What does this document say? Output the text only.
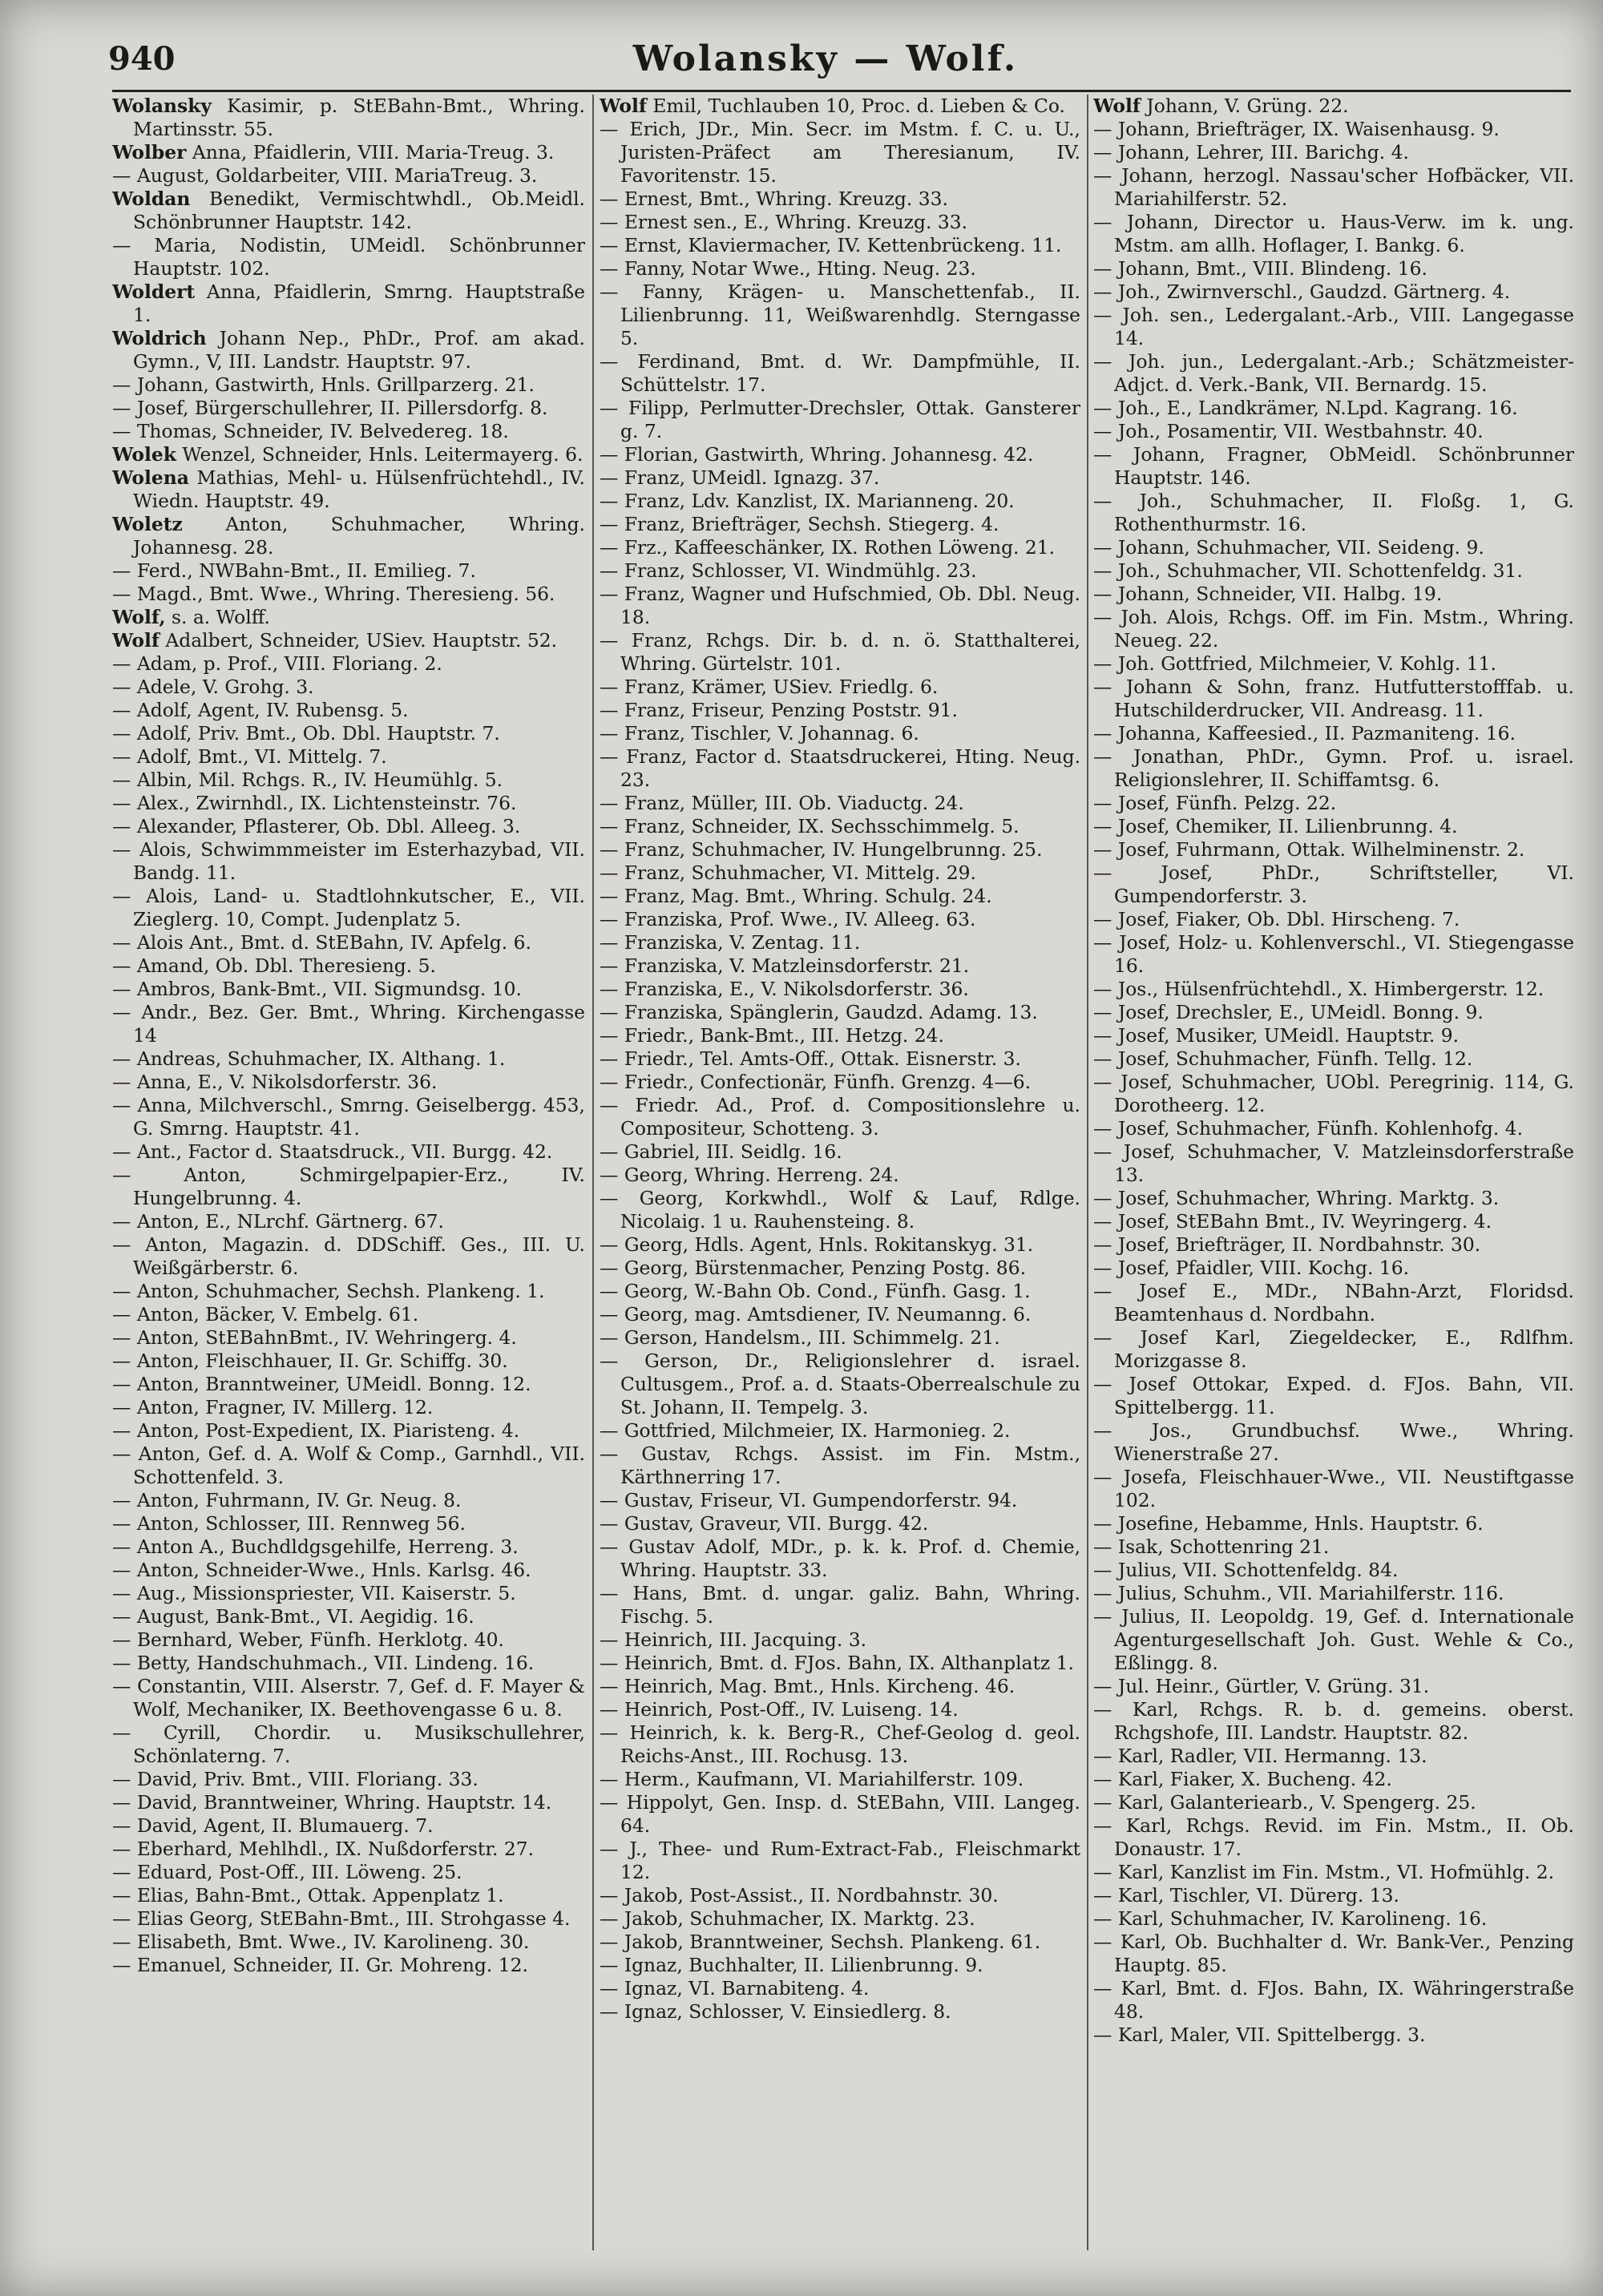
940	Wolansky — Wolf.
Wolansky Kasimir, p. StEBahn-Bmt., Whring. Martinsstr. 55.
Wolber Anna, Pfaidlerin, VIII. Maria-Treug. 3.
— August, Goldarbeiter, VIII. MariaTreug. 3.
Woldan Benedikt, Vermischtwhdl., Ob.Meidl. Schönbrunner Hauptstr. 142.
— Maria, Nodistin, UMeidl. Schönbrunner Hauptstr. 102.
Woldert Anna, Pfaidlerin, Smrng. Hauptstraße 1.
Woldrich Johann Nep., PhDr., Prof. am akad. Gymn., V, III. Landstr. Hauptstr. 97.
— Johann, Gastwirth, Hnls. Grillparzerg. 21.
— Josef, Bürgerschullehrer, II. Pillersdorfg. 8.
— Thomas, Schneider, IV. Belvedereg. 18.
Wolek Wenzel, Schneider, Hnls. Leitermayerg. 6.
Wolena Mathias, Mehl- u. Hülsenfrüchtehdl., IV. Wiedn. Hauptstr. 49.
Woletz Anton, Schuhmacher, Whring. Johannesg. 28.
— Ferd., NWBahn-Bmt., II. Emilieg. 7.
— Magd., Bmt. Wwe., Whring. Theresieng. 56.
Wolf, s. a. Wolff.
Wolf Adalbert, Schneider, USiev. Hauptstr. 52.
— Adam, p. Prof., VIII. Floriang. 2.
— Adele, V. Grohg. 3.
— Adolf, Agent, IV. Rubensg. 5.
— Adolf, Priv. Bmt., Ob. Dbl. Hauptstr. 7.
— Adolf, Bmt., VI. Mittelg. 7.
— Albin, Mil. Rchgs. R., IV. Heumühlg. 5.
— Alex., Zwirnhdl., IX. Lichtensteinstr. 76.
— Alexander, Pflasterer, Ob. Dbl. Alleeg. 3.
— Alois, Schwimmmeister im Esterhazybad, VII. Bandg. 11.
— Alois, Land- u. Stadtlohnkutscher, E., VII. Zieglerg. 10, Compt. Judenplatz 5.
— Alois Ant., Bmt. d. StEBahn, IV. Apfelg. 6.
— Amand, Ob. Dbl. Theresieng. 5.
— Ambros, Bank-Bmt., VII. Sigmundsg. 10.
— Andr., Bez. Ger. Bmt., Whring. Kirchengasse 14
— Andreas, Schuhmacher, IX. Althang. 1.
— Anna, E., V. Nikolsdorferstr. 36.
— Anna, Milchverschl., Smrng. Geiselbergg. 453, G. Smrng. Hauptstr. 41.
— Ant., Factor d. Staatsdruck., VII. Burgg. 42.
— Anton, Schmirgelpapier-Erz., IV. Hungelbrunng. 4.
— Anton, E., NLrchf. Gärtnerg. 67.
— Anton, Magazin. d. DDSchiff. Ges., III. U. Weißgärberstr. 6.
— Anton, Schuhmacher, Sechsh. Plankeng. 1.
— Anton, Bäcker, V. Embelg. 61.
— Anton, StEBahnBmt., IV. Wehringerg. 4.
— Anton, Fleischhauer, II. Gr. Schiffg. 30.
— Anton, Branntweiner, UMeidl. Bonng. 12.
— Anton, Fragner, IV. Millerg. 12.
— Anton, Post-Expedient, IX. Piaristeng. 4.
— Anton, Gef. d. A. Wolf & Comp., Garnhdl., VII. Schottenfeld. 3.
— Anton, Fuhrmann, IV. Gr. Neug. 8.
— Anton, Schlosser, III. Rennweg 56.
— Anton A., Buchdldgsgehilfe, Herreng. 3.
— Anton, Schneider-Wwe., Hnls. Karlsg. 46.
— Aug., Missionspriester, VII. Kaiserstr. 5.
— August, Bank-Bmt., VI. Aegidig. 16.
— Bernhard, Weber, Fünfh. Herklotg. 40.
— Betty, Handschuhmach., VII. Lindeng. 16.
— Constantin, VIII. Alserstr. 7, Gef. d. F. Mayer & Wolf, Mechaniker, IX. Beethovengasse 6 u. 8.
— Cyrill, Chordir. u. Musikschullehrer, Schönlaterng. 7.
— David, Priv. Bmt., VIII. Floriang. 33.
— David, Branntweiner, Whring. Hauptstr. 14.
— David, Agent, II. Blumauerg. 7.
— Eberhard, Mehlhdl., IX. Nußdorferstr. 27.
— Eduard, Post-Off., III. Löweng. 25.
— Elias, Bahn-Bmt., Ottak. Appenplatz 1.
— Elias Georg, StEBahn-Bmt., III. Strohgasse 4.
— Elisabeth, Bmt. Wwe., IV. Karolineng. 30.
— Emanuel, Schneider, II. Gr. Mohreng. 12.
Wolf Emil, Tuchlauben 10, Proc. d. Lieben & Co.
— Erich, JDr., Min. Secr. im Mstm. f. C. u. U., Juristen-Präfect am Theresianum, IV. Favoritenstr. 15.
— Ernest, Bmt., Whring. Kreuzg. 33.
— Ernest sen., E., Whring. Kreuzg. 33.
— Ernst, Klaviermacher, IV. Kettenbrückeng. 11.
— Fanny, Notar Wwe., Hting. Neug. 23.
— Fanny, Krägen- u. Manschettenfab., II. Lilienbrunng. 11, Weißwarenhdlg. Sterngasse 5.
— Ferdinand, Bmt. d. Wr. Dampfmühle, II. Schüttelstr. 17.
— Filipp, Perlmutter-Drechsler, Ottak. Gansterer g. 7.
— Florian, Gastwirth, Whring. Johannesg. 42.
— Franz, UMeidl. Ignazg. 37.
— Franz, Ldv. Kanzlist, IX. Marianneng. 20.
— Franz, Briefträger, Sechsh. Stiegerg. 4.
— Frz., Kaffeeschänker, IX. Rothen Löweng. 21.
— Franz, Schlosser, VI. Windmühlg. 23.
— Franz, Wagner und Hufschmied, Ob. Dbl. Neug. 18.
— Franz, Rchgs. Dir. b. d. n. ö. Statthalterei, Whring. Gürtelstr. 101.
— Franz, Krämer, USiev. Friedlg. 6.
— Franz, Friseur, Penzing Poststr. 91.
— Franz, Tischler, V. Johannag. 6.
— Franz, Factor d. Staatsdruckerei, Hting. Neug. 23.
— Franz, Müller, III. Ob. Viaductg. 24.
— Franz, Schneider, IX. Sechsschimmelg. 5.
— Franz, Schuhmacher, IV. Hungelbrunng. 25.
— Franz, Schuhmacher, VI. Mittelg. 29.
— Franz, Mag. Bmt., Whring. Schulg. 24.
— Franziska, Prof. Wwe., IV. Alleeg. 63.
— Franziska, V. Zentag. 11.
— Franziska, V. Matzleinsdorferstr. 21.
— Franziska, E., V. Nikolsdorferstr. 36.
— Franziska, Spänglerin, Gaudzd. Adamg. 13.
— Friedr., Bank-Bmt., III. Hetzg. 24.
— Friedr., Tel. Amts-Off., Ottak. Eisnerstr. 3.
— Friedr., Confectionär, Fünfh. Grenzg. 4—6.
— Friedr. Ad., Prof. d. Compositionslehre u. Compositeur, Schotteng. 3.
— Gabriel, III. Seidlg. 16.
— Georg, Whring. Herreng. 24.
— Georg, Korkwhdl., Wolf & Lauf, Rdlge. Nicolaig. 1 u. Rauhensteing. 8.
— Georg, Hdls. Agent, Hnls. Rokitanskyg. 31.
— Georg, Bürstenmacher, Penzing Postg. 86.
— Georg, W.-Bahn Ob. Cond., Fünfh. Gasg. 1.
— Georg, mag. Amtsdiener, IV. Neumanng. 6.
— Gerson, Handelsm., III. Schimmelg. 21.
— Gerson, Dr., Religionslehrer d. israel. Cultusgem., Prof. a. d. Staats-Oberrealschule zu St. Johann, II. Tempelg. 3.
— Gottfried, Milchmeier, IX. Harmonieg. 2.
— Gustav, Rchgs. Assist. im Fin. Mstm., Kärthnerring 17.
— Gustav, Friseur, VI. Gumpendorferstr. 94.
— Gustav, Graveur, VII. Burgg. 42.
— Gustav Adolf, MDr., p. k. k. Prof. d. Chemie, Whring. Hauptstr. 33.
— Hans, Bmt. d. ungar. galiz. Bahn, Whring. Fischg. 5.
— Heinrich, III. Jacquing. 3.
— Heinrich, Bmt. d. FJos. Bahn, IX. Althanplatz 1.
— Heinrich, Mag. Bmt., Hnls. Kircheng. 46.
— Heinrich, Post-Off., IV. Luiseng. 14.
— Heinrich, k. k. Berg-R., Chef-Geolog d. geol. Reichs-Anst., III. Rochusg. 13.
— Herm., Kaufmann, VI. Mariahilferstr. 109.
— Hippolyt, Gen. Insp. d. StEBahn, VIII. Langeg. 64.
— J., Thee- und Rum-Extract-Fab., Fleischmarkt 12.
— Jakob, Post-Assist., II. Nordbahnstr. 30.
— Jakob, Schuhmacher, IX. Marktg. 23.
— Jakob, Branntweiner, Sechsh. Plankeng. 61.
— Ignaz, Buchhalter, II. Lilienbrunng. 9.
— Ignaz, VI. Barnabiteng. 4.
— Ignaz, Schlosser, V. Einsiedlerg. 8.
Wolf Johann, V. Grüng. 22.
— Johann, Briefträger, IX. Waisenhausg. 9.
— Johann, Lehrer, III. Barichg. 4.
— Johann, herzogl. Nassau'scher Hofbäcker, VII. Mariahilferstr. 52.
— Johann, Director u. Haus-Verw. im k. ung. Mstm. am allh. Hoflager, I. Bankg. 6.
— Johann, Bmt., VIII. Blindeng. 16.
— Joh., Zwirnverschl., Gaudzd. Gärtnerg. 4.
— Joh. sen., Ledergalant.-Arb., VIII. Langegasse 14.
— Joh. jun., Ledergalant.-Arb.; Schätzmeister-Adjct. d. Verk.-Bank, VII. Bernardg. 15.
— Joh., E., Landkrämer, N.Lpd. Kagrang. 16.
— Joh., Posamentir, VII. Westbahnstr. 40.
— Johann, Fragner, ObMeidl. Schönbrunner Hauptstr. 146.
— Joh., Schuhmacher, II. Floßg. 1, G. Rothenthurmstr. 16.
— Johann, Schuhmacher, VII. Seideng. 9.
— Joh., Schuhmacher, VII. Schottenfeldg. 31.
— Johann, Schneider, VII. Halbg. 19.
— Joh. Alois, Rchgs. Off. im Fin. Mstm., Whring. Neueg. 22.
— Joh. Gottfried, Milchmeier, V. Kohlg. 11.
— Johann & Sohn, franz. Hutfutterstofffab. u. Hutschilderdrucker, VII. Andreasg. 11.
— Johanna, Kaffeesied., II. Pazmaniteng. 16.
— Jonathan, PhDr., Gymn. Prof. u. israel. Religionslehrer, II. Schiffamtsg. 6.
— Josef, Fünfh. Pelzg. 22.
— Josef, Chemiker, II. Lilienbrunng. 4.
— Josef, Fuhrmann, Ottak. Wilhelminenstr. 2.
— Josef, PhDr., Schriftsteller, VI. Gumpendorferstr. 3.
— Josef, Fiaker, Ob. Dbl. Hirscheng. 7.
— Josef, Holz- u. Kohlenverschl., VI. Stiegengasse 16.
— Jos., Hülsenfrüchtehdl., X. Himbergerstr. 12.
— Josef, Drechsler, E., UMeidl. Bonng. 9.
— Josef, Musiker, UMeidl. Hauptstr. 9.
— Josef, Schuhmacher, Fünfh. Tellg. 12.
— Josef, Schuhmacher, UObl. Peregrinig. 114, G. Dorotheerg. 12.
— Josef, Schuhmacher, Fünfh. Kohlenhofg. 4.
— Josef, Schuhmacher, V. Matzleinsdorferstraße 13.
— Josef, Schuhmacher, Whring. Marktg. 3.
— Josef, StEBahn Bmt., IV. Weyringerg. 4.
— Josef, Briefträger, II. Nordbahnstr. 30.
— Josef, Pfaidler, VIII. Kochg. 16.
— Josef E., MDr., NBahn-Arzt, Floridsd. Beamtenhaus d. Nordbahn.
— Josef Karl, Ziegeldecker, E., Rdlfhm. Morizgasse 8.
— Josef Ottokar, Exped. d. FJos. Bahn, VII. Spittelbergg. 11.
— Jos., Grundbuchsf. Wwe., Whring. Wienerstraße 27.
— Josefa, Fleischhauer-Wwe., VII. Neustiftgasse 102.
— Josefine, Hebamme, Hnls. Hauptstr. 6.
— Isak, Schottenring 21.
— Julius, VII. Schottenfeldg. 84.
— Julius, Schuhm., VII. Mariahilferstr. 116.
— Julius, II. Leopoldg. 19, Gef. d. Internationale Agenturgesellschaft Joh. Gust. Wehle & Co., Eßlingg. 8.
— Jul. Heinr., Gürtler, V. Grüng. 31.
— Karl, Rchgs. R. b. d. gemeins. oberst. Rchgshofe, III. Landstr. Hauptstr. 82.
— Karl, Radler, VII. Hermanng. 13.
— Karl, Fiaker, X. Bucheng. 42.
— Karl, Galanteriearb., V. Spengerg. 25.
— Karl, Rchgs. Revid. im Fin. Mstm., II. Ob. Donaustr. 17.
— Karl, Kanzlist im Fin. Mstm., VI. Hofmühlg. 2.
— Karl, Tischler, VI. Dürerg. 13.
— Karl, Schuhmacher, IV. Karolineng. 16.
— Karl, Ob. Buchhalter d. Wr. Bank-Ver., Penzing Hauptg. 85.
— Karl, Bmt. d. FJos. Bahn, IX. Währingerstraße 48.
— Karl, Maler, VII. Spittelbergg. 3.
